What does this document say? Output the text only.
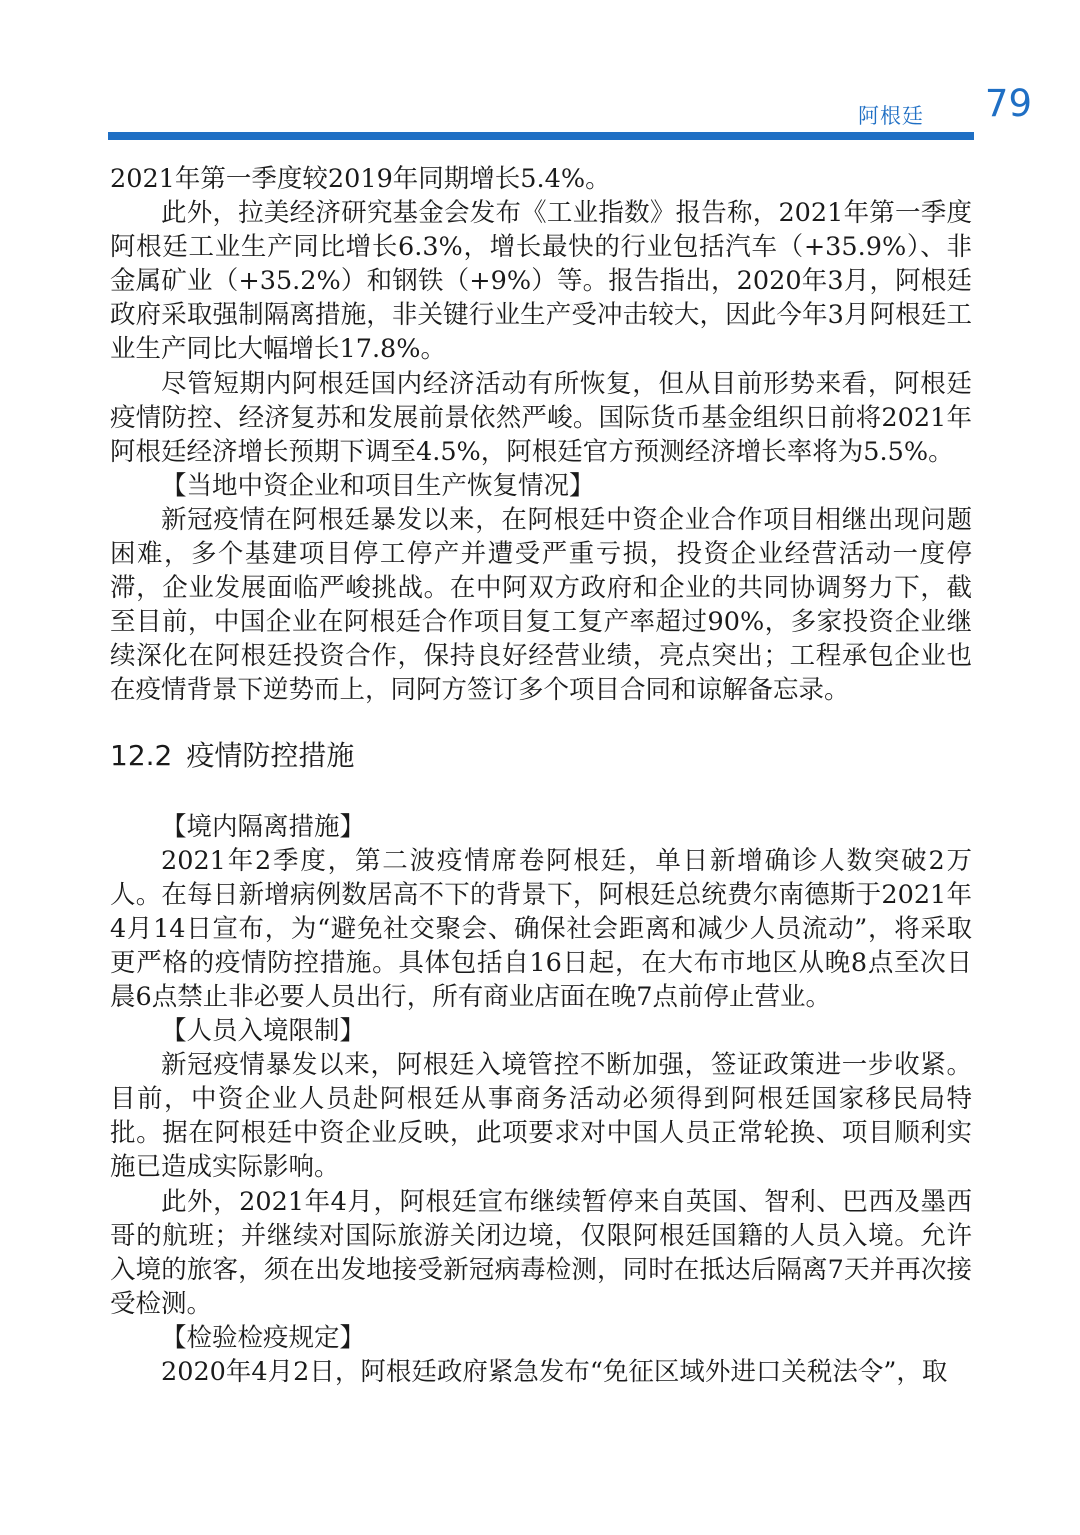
阿根廷 79

2021年第一季度较2019年同期增长5.4%。

此外，拉美经济研究基金会发布《工业指数》报告称，2021年第一季度阿根廷工业生产同比增长6.3%，增长最快的行业包括汽车（+35.9%）、非金属矿业（+35.2%）和钢铁（+9%）等。报告指出，2020年3月，阿根廷政府采取强制隔离措施，非关键行业生产受冲击较大，因此今年3月阿根廷工业生产同比大幅增长17.8%。

尽管短期内阿根廷国内经济活动有所恢复，但从目前形势来看，阿根廷疫情防控、经济复苏和发展前景依然严峻。国际货币基金组织日前将2021年阿根廷经济增长预期下调至4.5%，阿根廷官方预测经济增长率将为5.5%。

【当地中资企业和项目生产恢复情况】

新冠疫情在阿根廷暴发以来，在阿根廷中资企业合作项目相继出现问题困难，多个基建项目停工停产并遭受严重亏损，投资企业经营活动一度停滞，企业发展面临严峻挑战。在中阿双方政府和企业的共同协调努力下，截至目前，中国企业在阿根廷合作项目复工复产率超过90%，多家投资企业继续深化在阿根廷投资合作，保持良好经营业绩，亮点突出；工程承包企业也在疫情背景下逆势而上，同阿方签订多个项目合同和谅解备忘录。

12.2 疫情防控措施

【境内隔离措施】

2021年2季度，第二波疫情席卷阿根廷，单日新增确诊人数突破2万人。在每日新增病例数居高不下的背景下，阿根廷总统费尔南德斯于2021年4月14日宣布，为“避免社交聚会、确保社会距离和减少人员流动”，将采取更严格的疫情防控措施。具体包括自16日起，在大布市地区从晚8点至次日晨6点禁止非必要人员出行，所有商业店面在晚7点前停止营业。

【人员入境限制】

新冠疫情暴发以来，阿根廷入境管控不断加强，签证政策进一步收紧。目前，中资企业人员赴阿根廷从事商务活动必须得到阿根廷国家移民局特批。据在阿根廷中资企业反映，此项要求对中国人员正常轮换、项目顺利实施已造成实际影响。

此外，2021年4月，阿根廷宣布继续暂停来自英国、智利、巴西及墨西哥的航班；并继续对国际旅游关闭边境，仅限阿根廷国籍的人员入境。允许入境的旅客，须在出发地接受新冠病毒检测，同时在抵达后隔离7天并再次接受检测。

【检验检疫规定】

2020年4月2日，阿根廷政府紧急发布“免征区域外进口关税法令”，取
